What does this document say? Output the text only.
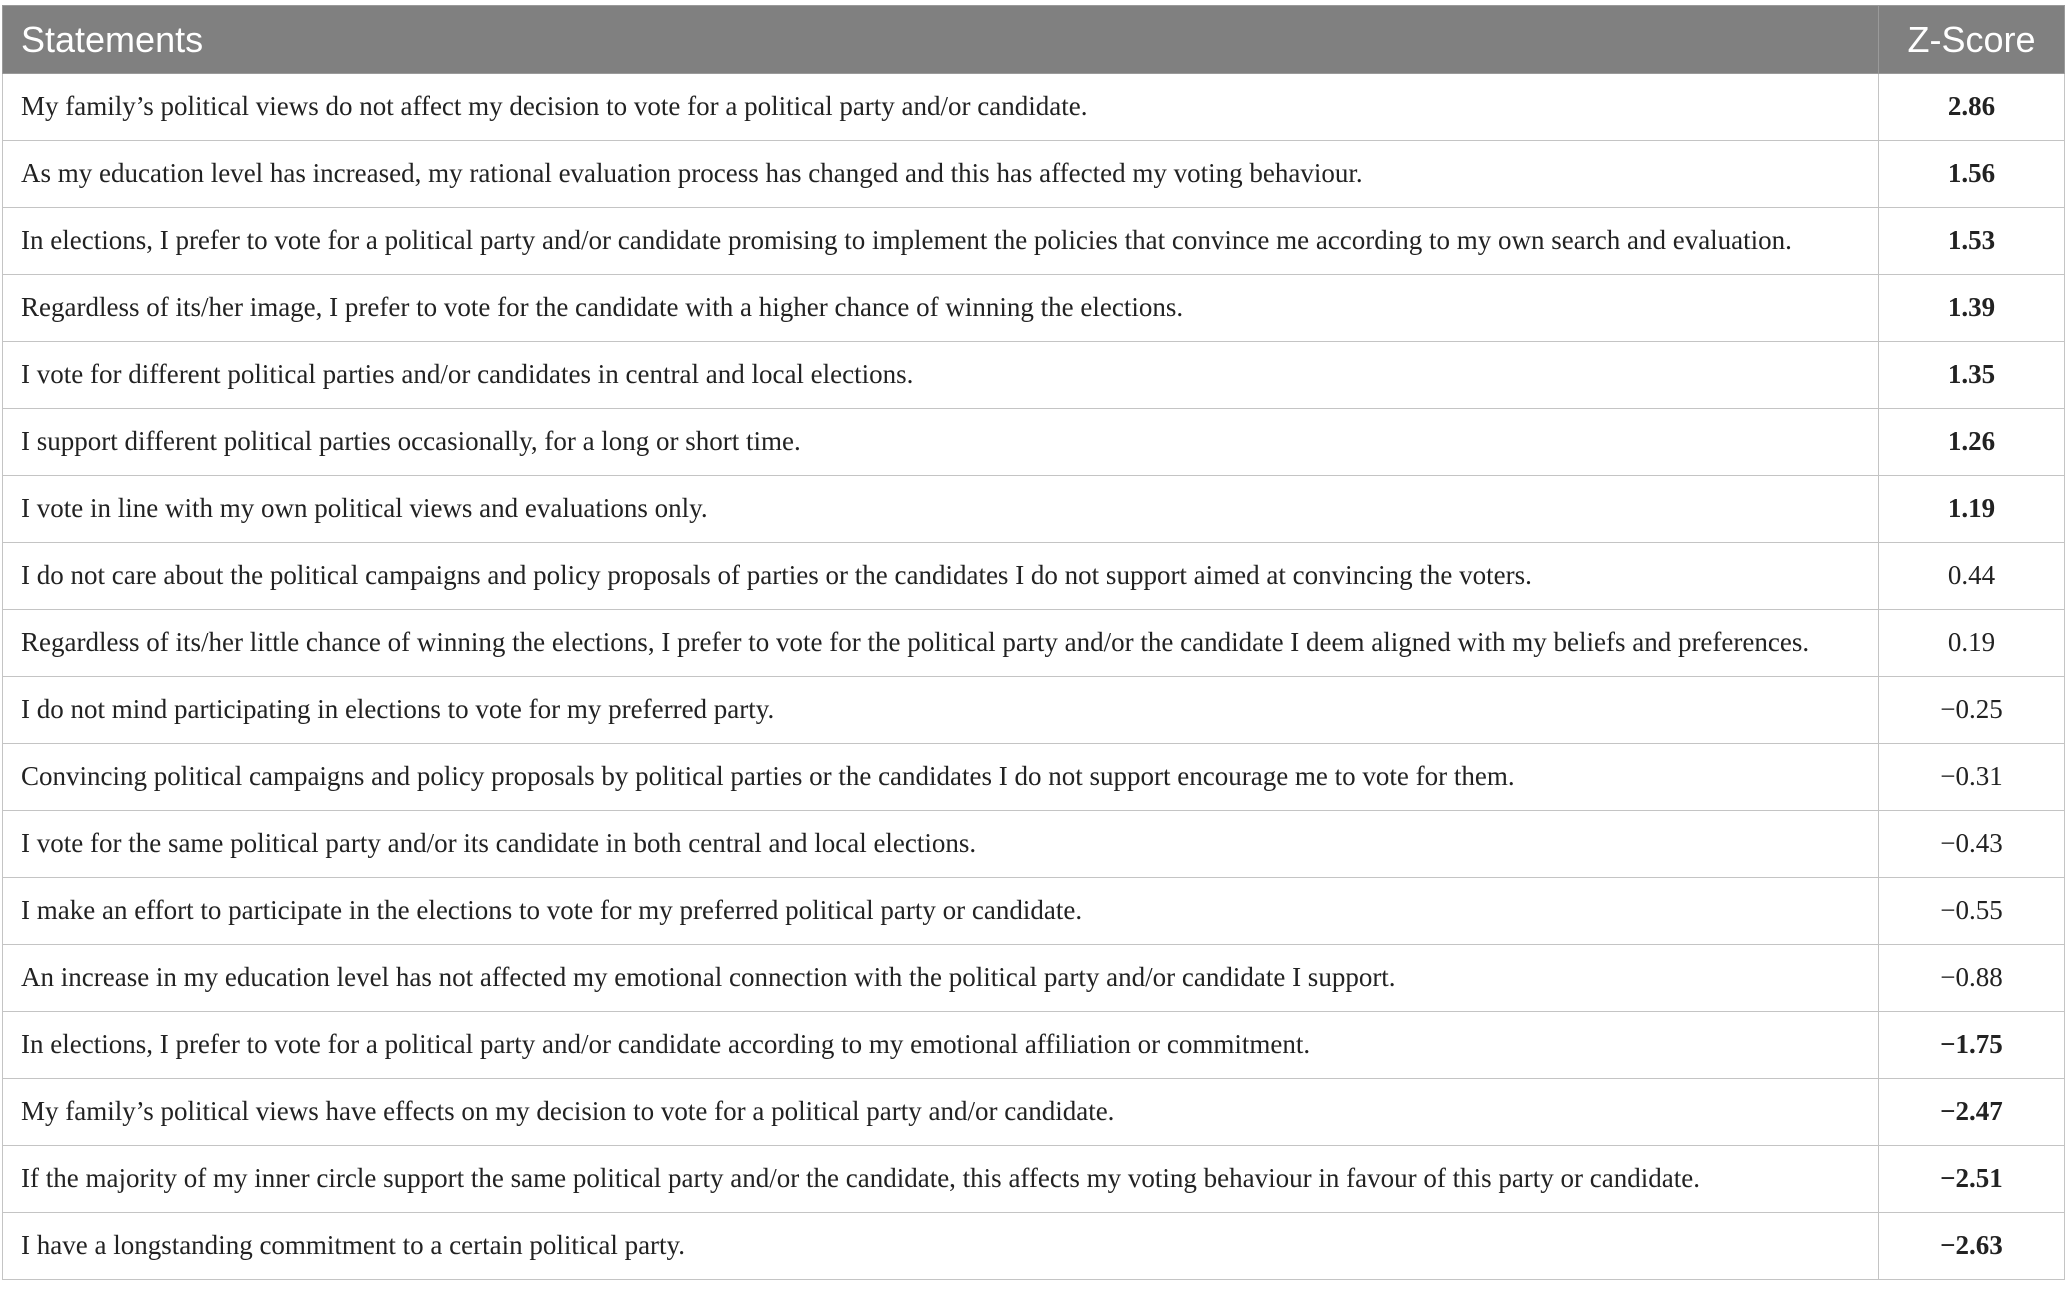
Statements	Z-Score
My family’s political views do not affect my decision to vote for a political party and/or candidate.	2.86
As my education level has increased, my rational evaluation process has changed and this has affected my voting behaviour.	1.56
In elections, I prefer to vote for a political party and/or candidate promising to implement the policies that convince me according to my own search and evaluation.	1.53
Regardless of its/her image, I prefer to vote for the candidate with a higher chance of winning the elections.	1.39
I vote for different political parties and/or candidates in central and local elections.	1.35
I support different political parties occasionally, for a long or short time.	1.26
I vote in line with my own political views and evaluations only.	1.19
I do not care about the political campaigns and policy proposals of parties or the candidates I do not support aimed at convincing the voters.	0.44
Regardless of its/her little chance of winning the elections, I prefer to vote for the political party and/or the candidate I deem aligned with my beliefs and preferences.	0.19
I do not mind participating in elections to vote for my preferred party.	−0.25
Convincing political campaigns and policy proposals by political parties or the candidates I do not support encourage me to vote for them.	−0.31
I vote for the same political party and/or its candidate in both central and local elections.	−0.43
I make an effort to participate in the elections to vote for my preferred political party or candidate.	−0.55
An increase in my education level has not affected my emotional connection with the political party and/or candidate I support.	−0.88
In elections, I prefer to vote for a political party and/or candidate according to my emotional affiliation or commitment.	−1.75
My family’s political views have effects on my decision to vote for a political party and/or candidate.	−2.47
If the majority of my inner circle support the same political party and/or the candidate, this affects my voting behaviour in favour of this party or candidate.	−2.51
I have a longstanding commitment to a certain political party.	−2.63
